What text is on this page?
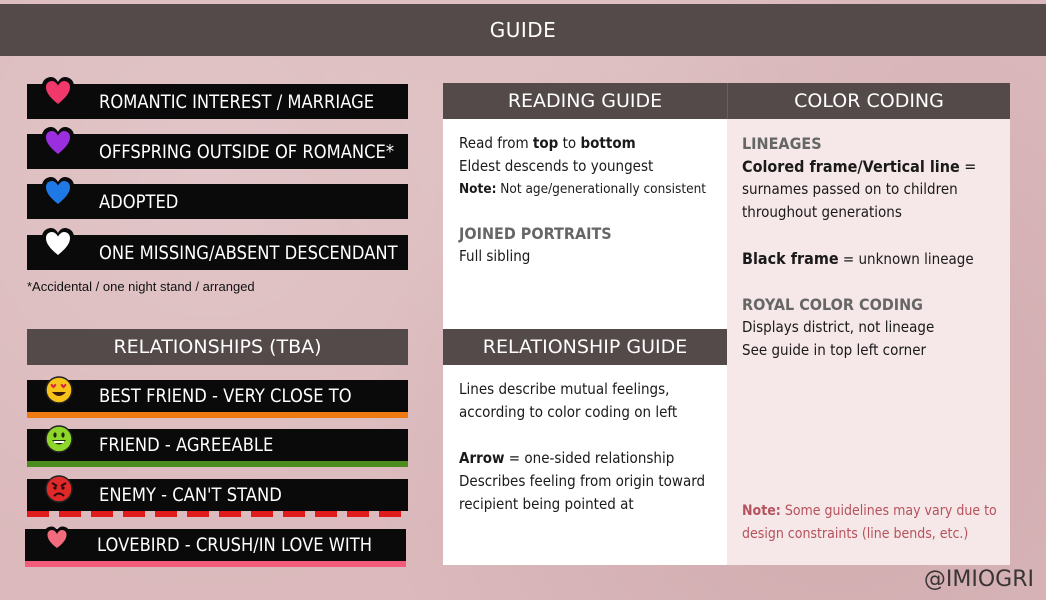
GUIDE
ROMANTIC INTEREST / MARRIAGE
OFFSPRING OUTSIDE OF ROMANCE*
ADOPTED
ONE MISSING/ABSENT DESCENDANT
*Accidental / one night stand / arranged
RELATIONSHIPS (TBA)
BEST FRIEND - VERY CLOSE TO
FRIEND - AGREEABLE
ENEMY - CAN'T STAND
LOVEBIRD - CRUSH/IN LOVE WITH
READING GUIDE	COLOR CODING
Read from top to bottom
Eldest descends to youngest
Note: Not age/generationally consistent
JOINED PORTRAITS
Full sibling
RELATIONSHIP GUIDE
Lines describe mutual feelings,
according to color coding on left
Arrow = one-sided relationship
Describes feeling from origin toward
recipient being pointed at
LINEAGES
Colored frame/Vertical line =
surnames passed on to children
throughout generations
Black frame = unknown lineage
ROYAL COLOR CODING
Displays district, not lineage
See guide in top left corner
Note: Some guidelines may vary due to
design constraints (line bends, etc.)
@IMIOGRI
